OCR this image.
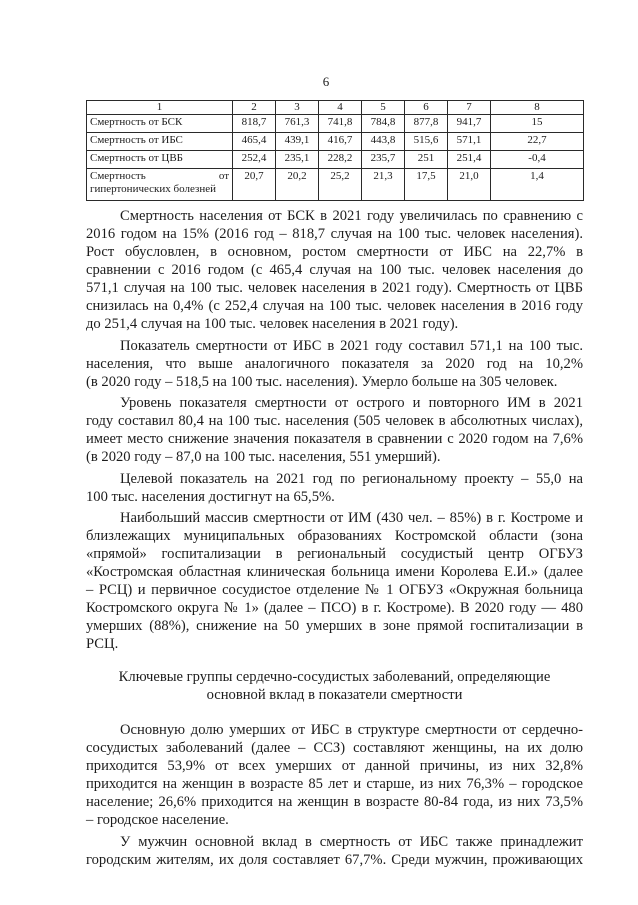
6
1	2	3	4	5	6	7	8
Смертность от БСК	818,7	761,3	741,8	784,8	877,8	941,7	15
Смертность от ИБС	465,4	439,1	416,7	443,8	515,6	571,1	22,7
Смертность от ЦВБ	252,4	235,1	228,2	235,7	251	251,4	-0,4
Смертность от гипертонических болезней	20,7	20,2	25,2	21,3	17,5	21,0	1,4
Смертность населения от БСК в 2021 году увеличилась по сравнению с
2016 годом на 15% (2016 год – 818,7 случая на 100 тыс. человек населения).
Рост обусловлен, в основном, ростом смертности от ИБС на 22,7% в
сравнении с 2016 годом (с 465,4 случая на 100 тыс. человек населения до
571,1 случая на 100 тыс. человек населения в 2021 году). Смертность от ЦВБ
снизилась на 0,4% (с 252,4 случая на 100 тыс. человек населения в 2016 году
до 251,4 случая на 100 тыс. человек населения в 2021 году).
Показатель смертности от ИБС в 2021 году составил 571,1 на 100 тыс.
населения, что выше аналогичного показателя за 2020 год на 10,2%
(в 2020 году – 518,5 на 100 тыс. населения). Умерло больше на 305 человек.
Уровень показателя смертности от острого и повторного ИМ в 2021
году составил 80,4 на 100 тыс. населения (505 человек в абсолютных числах),
имеет место снижение значения показателя в сравнении с 2020 годом на 7,6%
(в 2020 году – 87,0 на 100 тыс. населения, 551 умерший).
Целевой показатель на 2021 год по региональному проекту – 55,0 на
100 тыс. населения достигнут на 65,5%.
Наибольший массив смертности от ИМ (430 чел. – 85%) в г. Костроме и
близлежащих муниципальных образованиях Костромской области (зона
«прямой» госпитализации в региональный сосудистый центр ОГБУЗ
«Костромская областная клиническая больница имени Королева Е.И.» (далее
– РСЦ) и первичное сосудистое отделение № 1 ОГБУЗ «Окружная больница
Костромского округа № 1» (далее – ПСО) в г. Костроме). В 2020 году — 480
умерших (88%), снижение на 50 умерших в зоне прямой госпитализации в
РСЦ.
Ключевые группы сердечно-сосудистых заболеваний, определяющие
основной вклад в показатели смертности
Основную долю умерших от ИБС в структуре смертности от сердечно-
сосудистых заболеваний (далее – ССЗ) составляют женщины, на их долю
приходится 53,9% от всех умерших от данной причины, из них 32,8%
приходится на женщин в возрасте 85 лет и старше, из них 76,3% – городское
население; 26,6% приходится на женщин в возрасте 80-84 года, из них 73,5%
– городское население.
У мужчин основной вклад в смертность от ИБС также принадлежит
городским жителям, их доля составляет 67,7%. Среди мужчин, проживающих
